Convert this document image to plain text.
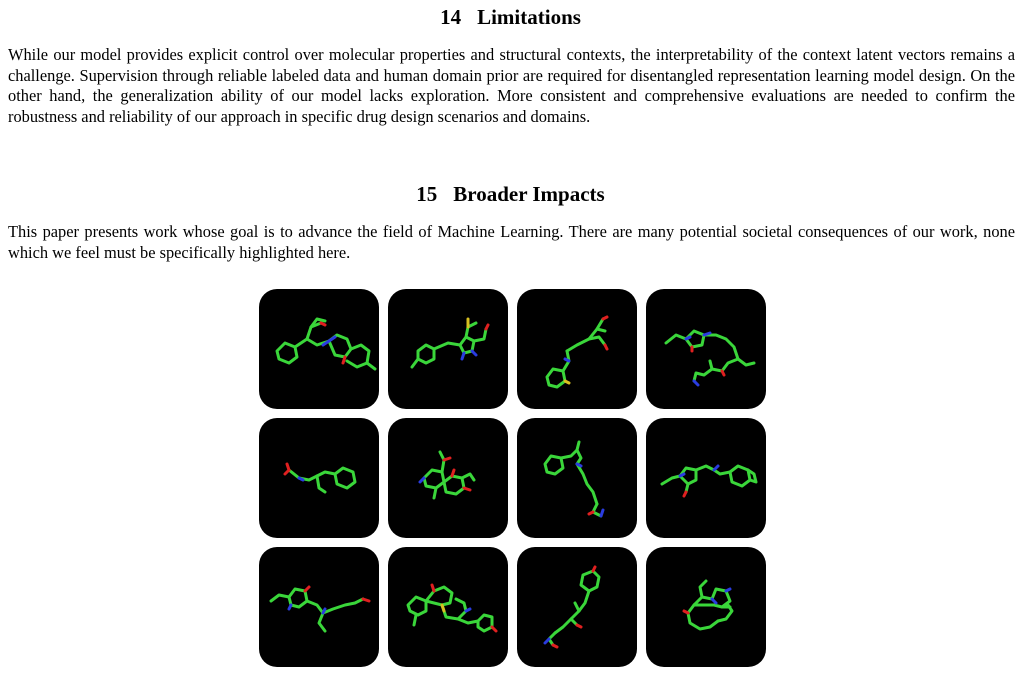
14 Limitations
While our model provides explicit control over molecular properties and structural contexts, the interpretability of the context latent vectors remains a challenge. Supervision through reliable labeled data and human domain prior are required for disentangled representation learning model design. On the other hand, the generalization ability of our model lacks exploration. More consistent and comprehensive evaluations are needed to confirm the robustness and reliability of our approach in specific drug design scenarios and domains.
15 Broader Impacts
This paper presents work whose goal is to advance the field of Machine Learning. There are many potential societal consequences of our work, none which we feel must be specifically highlighted here.
